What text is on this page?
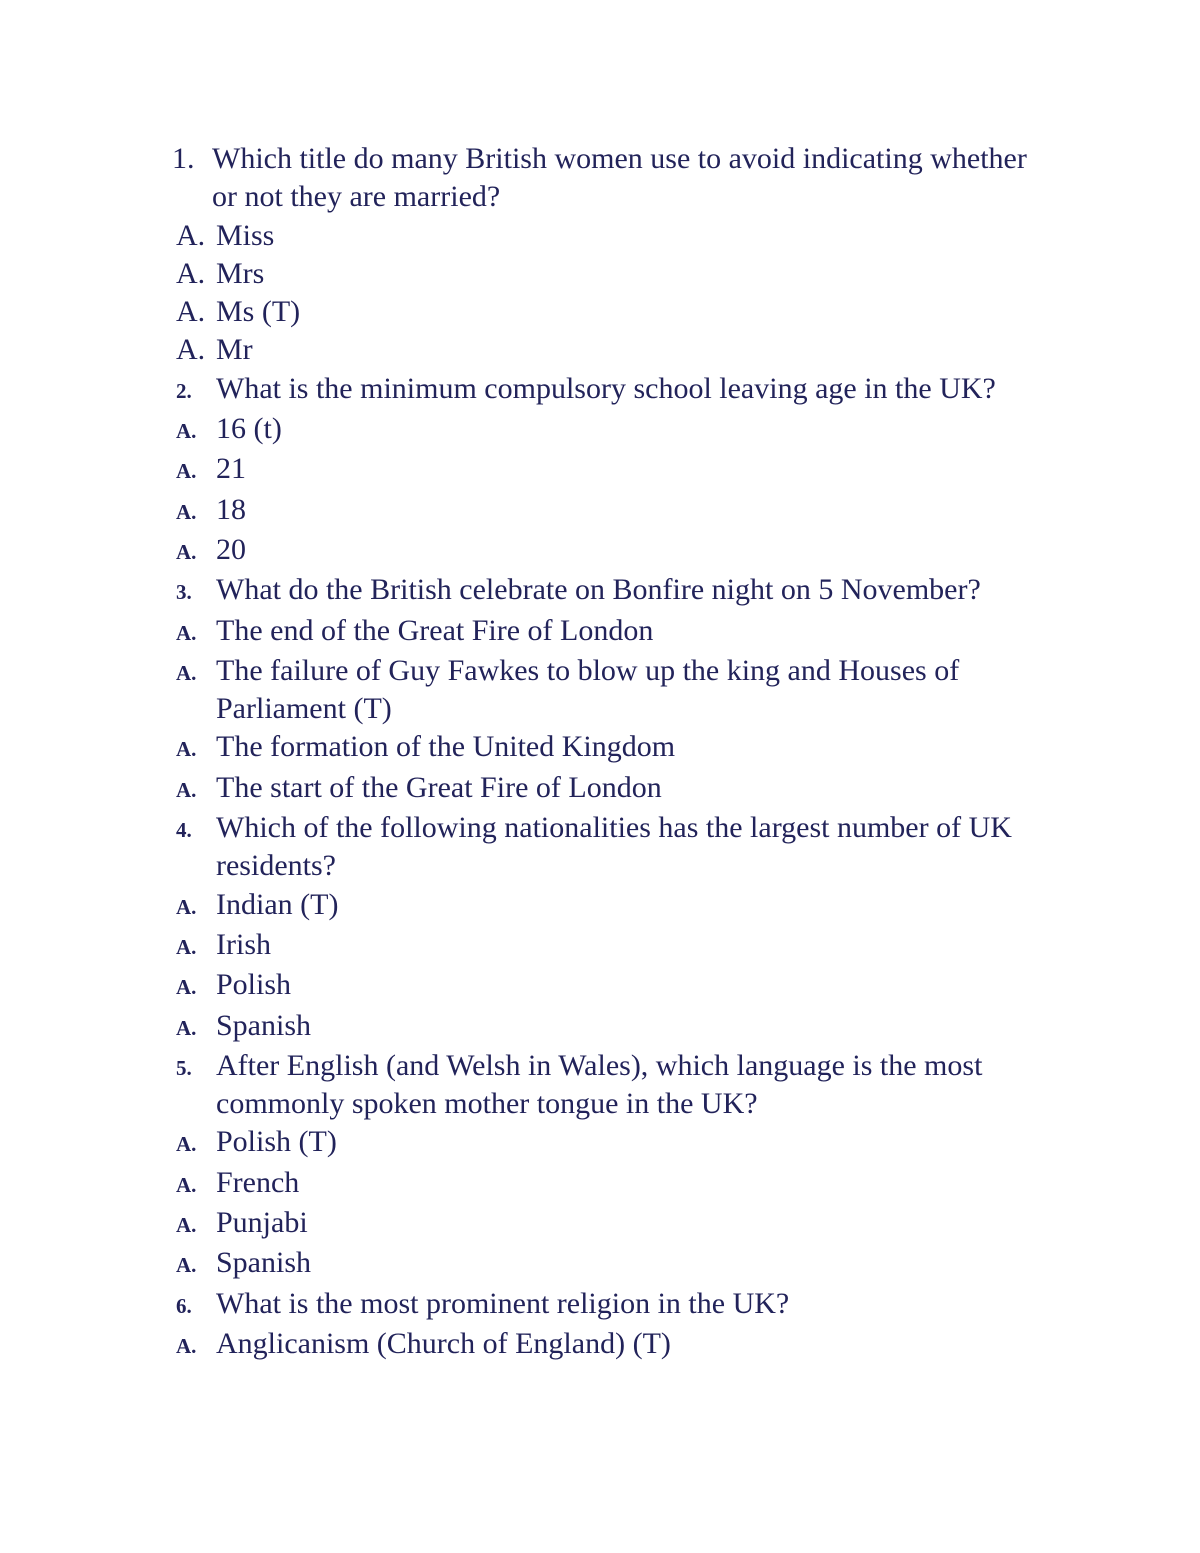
1. Which title do many British women use to avoid indicating whether or not they are married?
A. Miss
A. Mrs
A. Ms (T)
A. Mr
2. What is the minimum compulsory school leaving age in the UK?
A. 16 (t)
A. 21
A. 18
A. 20
3. What do the British celebrate on Bonfire night on 5 November?
A. The end of the Great Fire of London
A. The failure of Guy Fawkes to blow up the king and Houses of Parliament (T)
A. The formation of the United Kingdom
A. The start of the Great Fire of London
4. Which of the following nationalities has the largest number of UK residents?
A. Indian (T)
A. Irish
A. Polish
A. Spanish
5. After English (and Welsh in Wales), which language is the most commonly spoken mother tongue in the UK?
A. Polish (T)
A. French
A. Punjabi
A. Spanish
6. What is the most prominent religion in the UK?
A. Anglicanism (Church of England) (T)
